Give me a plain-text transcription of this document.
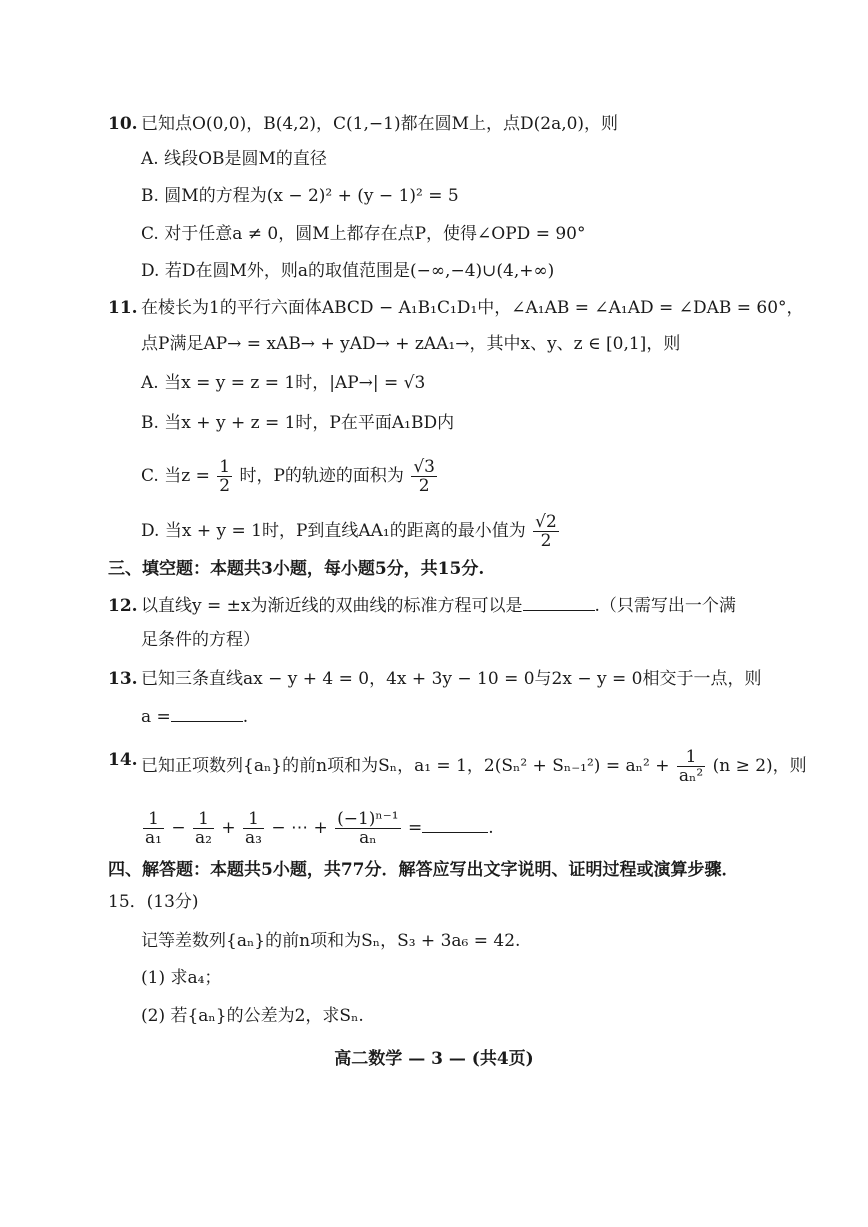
10. 已知点O(0,0)，B(4,2)，C(1,−1)都在圆M上，点D(2a,0)，则
A. 线段OB是圆M的直径
B. 圆M的方程为(x − 2)² + (y − 1)² = 5
C. 对于任意a ≠ 0，圆M上都存在点P，使得∠OPD = 90°
D. 若D在圆M外，则a的取值范围是(−∞,−4)∪(4,+∞)
11. 在棱长为1的平行六面体ABCD − A₁B₁C₁D₁中，∠A₁AB = ∠A₁AD = ∠DAB = 60°，
点P满足AP→ = xAB→ + yAD→ + zAA₁→，其中x、y、z ∈ [0,1]，则
A. 当x = y = z = 1时，|AP→| = √3
B. 当x + y + z = 1时，P在平面A₁BD内
C. 当$z = \frac{1}{2}$ 时，P的轨迹的面积为 $\frac{√3}{2}$
D. 当x + y = 1时，P到直线AA₁的距离的最小值为 $\frac{√2}{2}$
三、填空题：本题共3小题，每小题5分，共15分.
12. 以直线y = ±x为渐近线的双曲线的标准方程可以是	.（只需写出一个满
足条件的方程）
13. 已知三条直线ax − y + 4 = 0，4x + 3y − 10 = 0与2x − y = 0相交于一点，则
a =	.
14. 已知正项数列{aₙ}的前n项和为Sₙ，a₁ = 1，$2(S_n^2 + S_{n-1}^2) = a_n^2 + \frac{1}{\text{aₙ²}} (n \ge 2)$，则
$\frac{1}{\text{a₁}} - \frac{1}{\text{a₂}} + \frac{1}{\text{a₃}}$ − ⋯ + $\frac{\text{(−1)ⁿ⁻¹}}{\text{aₙ}}$ =	.
四、解答题：本题共5小题，共77分．解答应写出文字说明、证明过程或演算步骤．
15．(13分)
记等差数列{aₙ}的前n项和为Sₙ，S₃ + 3a₆ = 42.
(1) 求a₄；
(2) 若{aₙ}的公差为2，求Sₙ.
高二数学 — 3 — (共4页)
